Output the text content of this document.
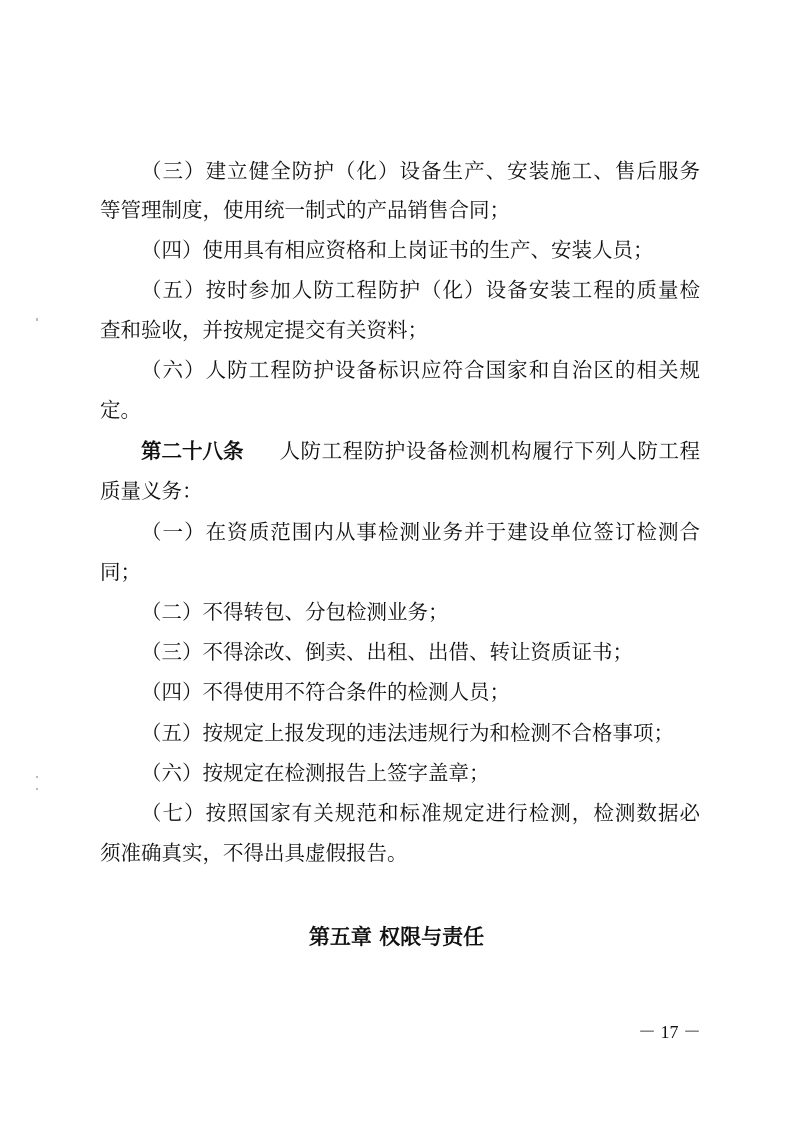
（三）建立健全防护（化）设备生产、安装施工、售后服务
等管理制度，使用统一制式的产品销售合同；
（四）使用具有相应资格和上岗证书的生产、安装人员；
（五）按时参加人防工程防护（化）设备安装工程的质量检
查和验收，并按规定提交有关资料；
（六）人防工程防护设备标识应符合国家和自治区的相关规
定。
第二十八条 人防工程防护设备检测机构履行下列人防工程
质量义务：
（一）在资质范围内从事检测业务并于建设单位签订检测合
同；
（二）不得转包、分包检测业务；
（三）不得涂改、倒卖、出租、出借、转让资质证书；
（四）不得使用不符合条件的检测人员；
（五）按规定上报发现的违法违规行为和检测不合格事项；
（六）按规定在检测报告上签字盖章；
（七）按照国家有关规范和标准规定进行检测，检测数据必
须准确真实，不得出具虚假报告。
第五章 权限与责任
－ 17 －
